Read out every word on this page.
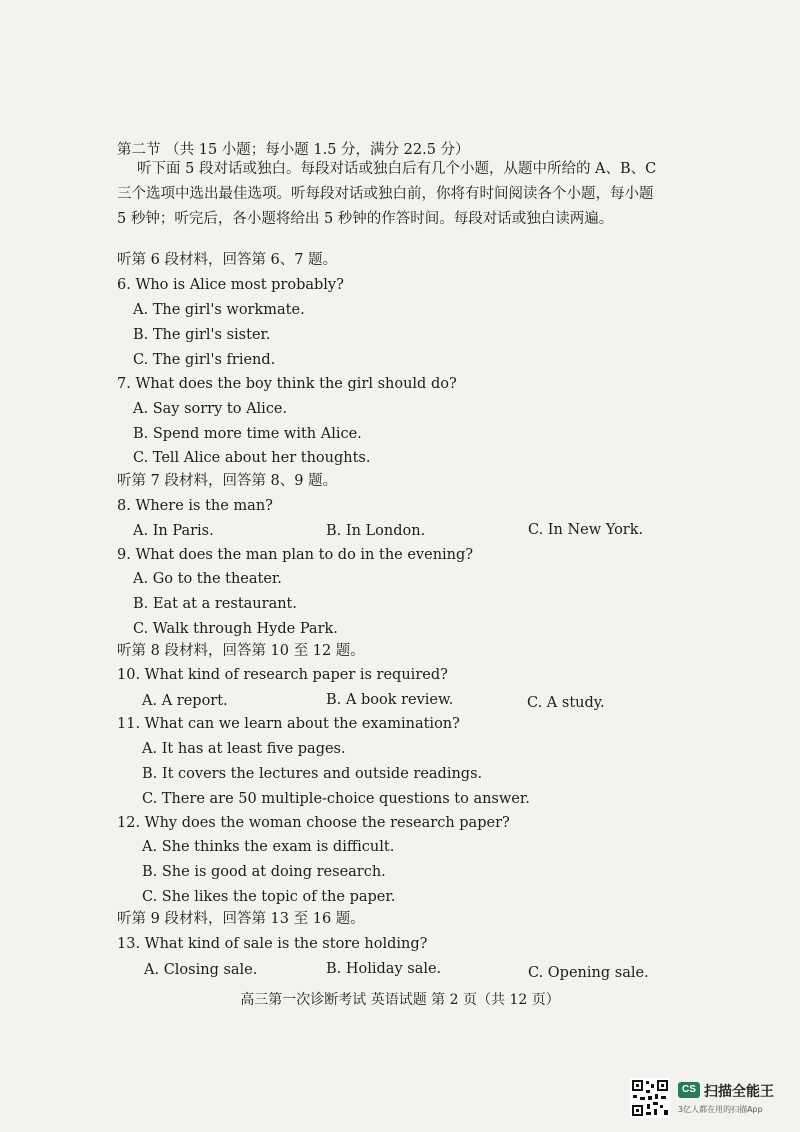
第二节 （共 15 小题；每小题 1.5 分，满分 22.5 分）
听下面 5 段对话或独白。每段对话或独白后有几个小题，从题中所给的 A、B、C 三个选项中选出最佳选项。听每段对话或独白前，你将有时间阅读各个小题，每小题 5 秒钟；听完后，各小题将给出 5 秒钟的作答时间。每段对话或独白读两遍。
听第 6 段材料，回答第 6、7 题。
6. Who is Alice most probably?
A. The girl's workmate.
B. The girl's sister.
C. The girl's friend.
7. What does the boy think the girl should do?
A. Say sorry to Alice.
B. Spend more time with Alice.
C. Tell Alice about her thoughts.
听第 7 段材料，回答第 8、9 题。
8. Where is the man?
A. In Paris.	B. In London.	C. In New York.
9. What does the man plan to do in the evening?
A. Go to the theater.
B. Eat at a restaurant.
C. Walk through Hyde Park.
听第 8 段材料，回答第 10 至 12 题。
10. What kind of research paper is required?
A. A report.	B. A book review.	C. A study.
11. What can we learn about the examination?
A. It has at least five pages.
B. It covers the lectures and outside readings.
C. There are 50 multiple-choice questions to answer.
12. Why does the woman choose the research paper?
A. She thinks the exam is difficult.
B. She is good at doing research.
C. She likes the topic of the paper.
听第 9 段材料，回答第 13 至 16 题。
13. What kind of sale is the store holding?
A. Closing sale.	B. Holiday sale.	C. Opening sale.
高三第一次诊断考试 英语试题 第 2 页（共 12 页）
CS 扫描全能王
3亿人都在用的扫描App
